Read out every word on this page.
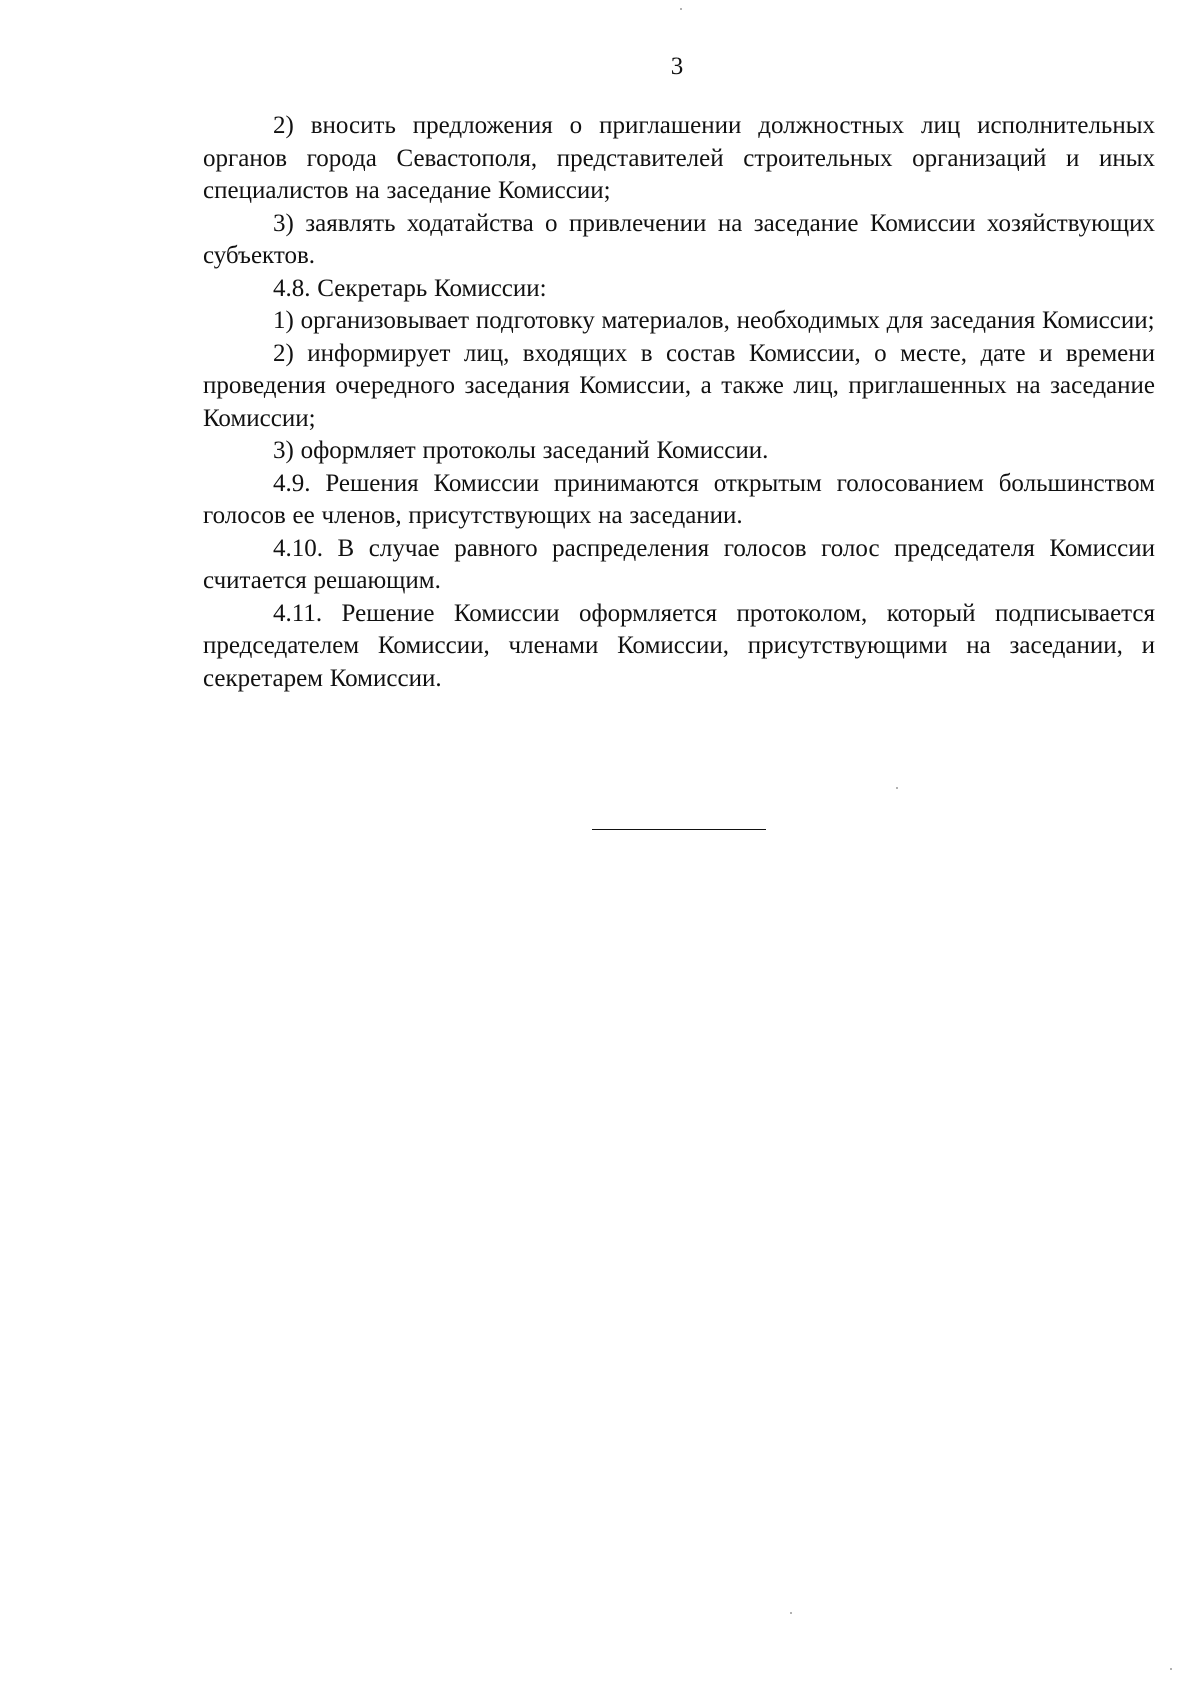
3

2) вносить предложения о приглашении должностных лиц исполнительных органов города Севастополя, представителей строительных организаций и иных специалистов на заседание Комиссии;

3) заявлять ходатайства о привлечении на заседание Комиссии хозяйствующих субъектов.

4.8. Секретарь Комиссии:

1) организовывает подготовку материалов, необходимых для заседания Комиссии;

2) информирует лиц, входящих в состав Комиссии, о месте, дате и времени проведения очередного заседания Комиссии, а также лиц, приглашенных на заседание Комиссии;

3) оформляет протоколы заседаний Комиссии.

4.9. Решения Комиссии принимаются открытым голосованием большинством голосов ее членов, присутствующих на заседании.

4.10. В случае равного распределения голосов голос председателя Комиссии считается решающим.

4.11. Решение Комиссии оформляется протоколом, который подписывается председателем Комиссии, членами Комиссии, присутствующими на заседании, и секретарем Комиссии.
